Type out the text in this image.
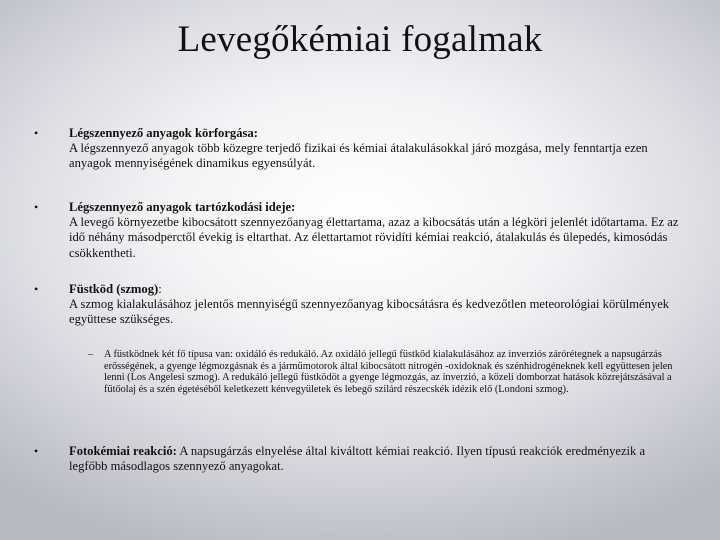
Levegőkémiai fogalmak
• Légszennyező anyagok körforgása:
A légszennyező anyagok több közegre terjedő fizikai és kémiai átalakulásokkal járó mozgása, mely fenntartja ezen anyagok mennyiségének dinamikus egyensúlyát.
• Légszennyező anyagok tartózkodási ideje:
A levegő környezetbe kibocsátott szennyezőanyag élettartama, azaz a kibocsátás után a légköri jelenlét időtartama. Ez az idő néhány másodperctől évekig is eltarthat. Az élettartamot rövidíti kémiai reakció, átalakulás és ülepedés, kimosódás csökkentheti.
• Füstköd (szmog):
A szmog kialakulásához jelentős mennyiségű szennyezőanyag kibocsátásra és kedvezőtlen meteorológiai körülmények együttese szükséges.
– A füstködnek két fő típusa van: oxidáló és redukáló. Az oxidáló jellegű füstköd kialakulásához az inverziós zárórétegnek a napsugárzás erősségének, a gyenge légmozgásnak és a járműmotorok által kibocsátott nitrogén -oxidoknak és szénhidrogéneknek kell együttesen jelen lenni (Los Angelesi szmog). A redukáló jellegű füstködöt a gyenge légmozgás, az inverzió, a közeli domborzat hatások közrejátszásával a fűtőolaj és a szén égetéséből keletkezett kénvegyületek és lebegő szilárd részecskék idézik elő (Londoni szmog).
• Fotokémiai reakció: A napsugárzás elnyelése által kiváltott kémiai reakció. Ilyen típusú reakciók eredményezik a legfőbb másodlagos szennyező anyagokat.
